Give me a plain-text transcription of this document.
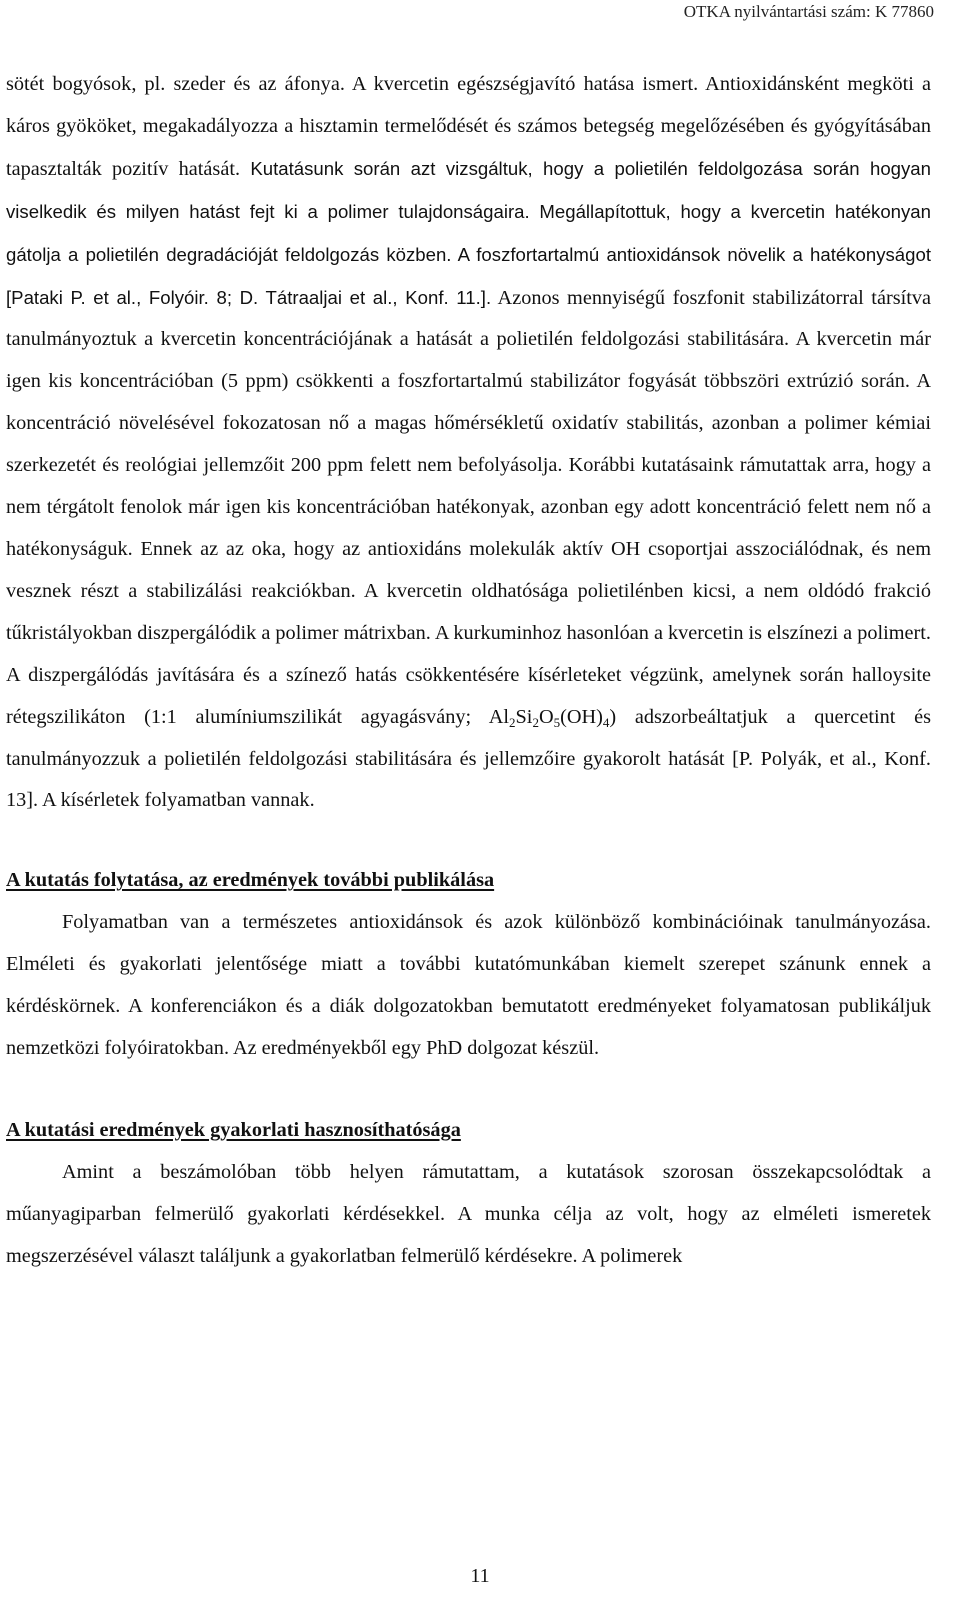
OTKA nyilvántartási szám: K 77860

sötét bogyósok, pl. szeder és az áfonya. A kvercetin egészségjavító hatása ismert. Antioxidánsként megköti a káros gyököket, megakadályozza a hisztamin termelődését és számos betegség megelőzésében és gyógyításában tapasztalták pozitív hatását. Kutatásunk során azt vizsgáltuk, hogy a polietilén feldolgozása során hogyan viselkedik és milyen hatást fejt ki a polimer tulajdonságaira. Megállapítottuk, hogy a kvercetin hatékonyan gátolja a polietilén degradációját feldolgozás közben. A foszfortartalmú antioxidánsok növelik a hatékonyságot [Pataki P. et al., Folyóir. 8; D. Tátraaljai et al., Konf. 11.]. Azonos mennyiségű foszfonit stabilizátorral társítva tanulmányoztuk a kvercetin koncentrációjának a hatását a polietilén feldolgozási stabilitására. A kvercetin már igen kis koncentrációban (5 ppm) csökkenti a foszfortartalmú stabilizátor fogyását többszöri extrúzió során. A koncentráció növelésével fokozatosan nő a magas hőmérsékletű oxidatív stabilitás, azonban a polimer kémiai szerkezetét és reológiai jellemzőit 200 ppm felett nem befolyásolja. Korábbi kutatásaink rámutattak arra, hogy a nem térgátolt fenolok már igen kis koncentrációban hatékonyak, azonban egy adott koncentráció felett nem nő a hatékonyságuk. Ennek az az oka, hogy az antioxidáns molekulák aktív OH csoportjai asszociálódnak, és nem vesznek részt a stabilizálási reakciókban. A kvercetin oldhatósága polietilénben kicsi, a nem oldódó frakció tűkristályokban diszpergálódik a polimer mátrixban. A kurkuminhoz hasonlóan a kvercetin is elszínezi a polimert. A diszpergálódás javítására és a színező hatás csökkentésére kísérleteket végzünk, amelynek során halloysite rétegszilikáton (1:1 alumíniumszilikát agyagásvány; $Al_2Si_2O_5(OH)_4$) adszorbeáltatjuk a quercetint és tanulmányozzuk a polietilén feldolgozási stabilitására és jellemzőire gyakorolt hatását [P. Polyák, et al., Konf. 13]. A kísérletek folyamatban vannak.

A kutatás folytatása, az eredmények további publikálása

Folyamatban van a természetes antioxidánsok és azok különböző kombinációinak tanulmányozása. Elméleti és gyakorlati jelentősége miatt a további kutatómunkában kiemelt szerepet szánunk ennek a kérdéskörnek. A konferenciákon és a diák dolgozatokban bemutatott eredményeket folyamatosan publikáljuk nemzetközi folyóiratokban. Az eredményekből egy PhD dolgozat készül.

A kutatási eredmények gyakorlati hasznosíthatósága

Amint a beszámolóban több helyen rámutattam, a kutatások szorosan összekapcsolódtak a műanyagiparban felmerülő gyakorlati kérdésekkel. A munka célja az volt, hogy az elméleti ismeretek megszerzésével választ találjunk a gyakorlatban felmerülő kérdésekre. A polimerek

11
